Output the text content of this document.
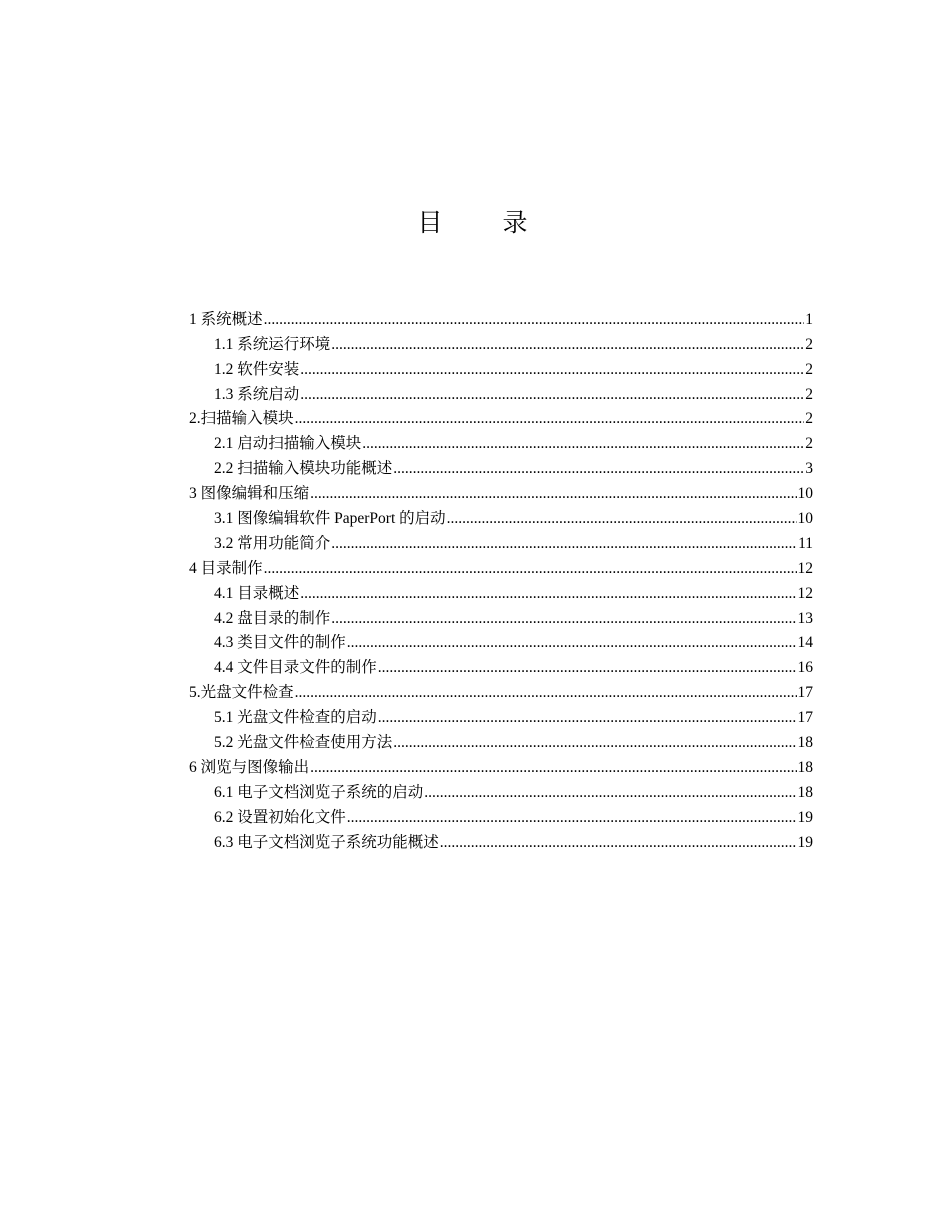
目录
1 系统概述 .....	1
1.1 系统运行环境 .....	2
1.2 软件安装 .....	2
1.3 系统启动 .....	2
2.扫描输入模块 .....	2
2.1 启动扫描输入模块 .....	2
2.2 扫描输入模块功能概述 .....	3
3 图像编辑和压缩 .....	10
3.1 图像编辑软件 PaperPort 的启动 .....	10
3.2 常用功能简介 .....	11
4 目录制作 .....	12
4.1 目录概述 .....	12
4.2 盘目录的制作 .....	13
4.3 类目文件的制作 .....	14
4.4 文件目录文件的制作 .....	16
5.光盘文件检查 .....	17
5.1 光盘文件检查的启动 .....	17
5.2 光盘文件检查使用方法 .....	18
6 浏览与图像输出 .....	18
6.1 电子文档浏览子系统的启动 .....	18
6.2 设置初始化文件 .....	19
6.3 电子文档浏览子系统功能概述 .....	19
